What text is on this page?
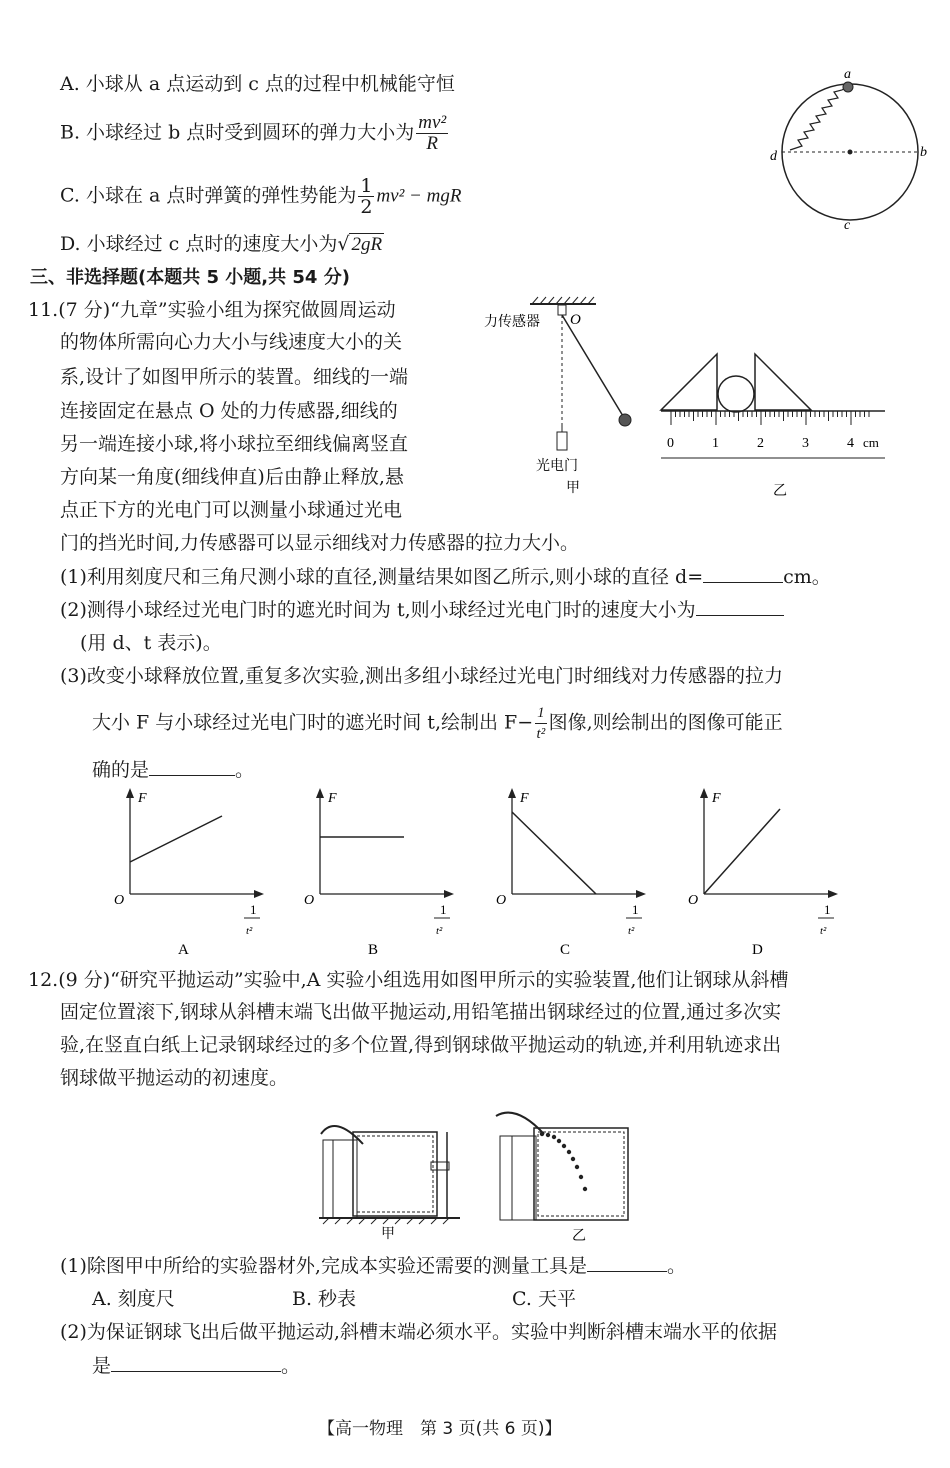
A. 小球从 a 点运动到 c 点的过程中机械能守恒
B. 小球经过 b 点时受到圆环的弹力大小为 $\frac{\text{mv²}}{R}$
C. 小球在 a 点时弹簧的弹性势能为 $\frac{1}{2} mv^2$ − mgR
D. 小球经过 c 点时的速度大小为√ 2gR
a
b
c
d
三、非选择题(本题共 5 小题,共 54 分)
11.(7 分)“九章”实验小组为探究做圆周运动
的物体所需向心力大小与线速度大小的关
系,设计了如图甲所示的装置。细线的一端
连接固定在悬点 O 处的力传感器,细线的
另一端连接小球,将小球拉至细线偏离竖直
方向某一角度(细线伸直)后由静止释放,悬
点正下方的光电门可以测量小球通过光电
门的挡光时间,力传感器可以显示细线对力传感器的拉力大小。
力传感器 O
光电门
甲
0	1	2	3	4 cm
乙
(1)利用刻度尺和三角尺测小球的直径,测量结果如图乙所示,则小球的直径 d=	cm。
(2)测得小球经过光电门时的遮光时间为 t,则小球经过光电门时的速度大小为
(用 d、t 表示)。
(3)改变小球释放位置,重复多次实验,测出多组小球经过光电门时细线对力传感器的拉力
大小 F 与小球经过光电门时的遮光时间 t,绘制出 $F- \frac{1}{\text{t²}}$ 图像,则绘制出的图像可能正
确的是	。
F
O
1
t²
A
F
O
1
t²
B
F
O
1
t²
C
F
O
1
t²
D
12.(9 分)“研究平抛运动”实验中,A 实验小组选用如图甲所示的实验装置,他们让钢球从斜槽
固定位置滚下,钢球从斜槽末端飞出做平抛运动,用铅笔描出钢球经过的位置,通过多次实
验,在竖直白纸上记录钢球经过的多个位置,得到钢球做平抛运动的轨迹,并利用轨迹求出
钢球做平抛运动的初速度。
甲	乙
(1)除图甲中所给的实验器材外,完成本实验还需要的测量工具是	。
A. 刻度尺	B. 秒表	C. 天平
(2)为保证钢球飞出后做平抛运动,斜槽末端必须水平。实验中判断斜槽末端水平的依据
是	。
【高一物理　第 3 页(共 6 页)】
